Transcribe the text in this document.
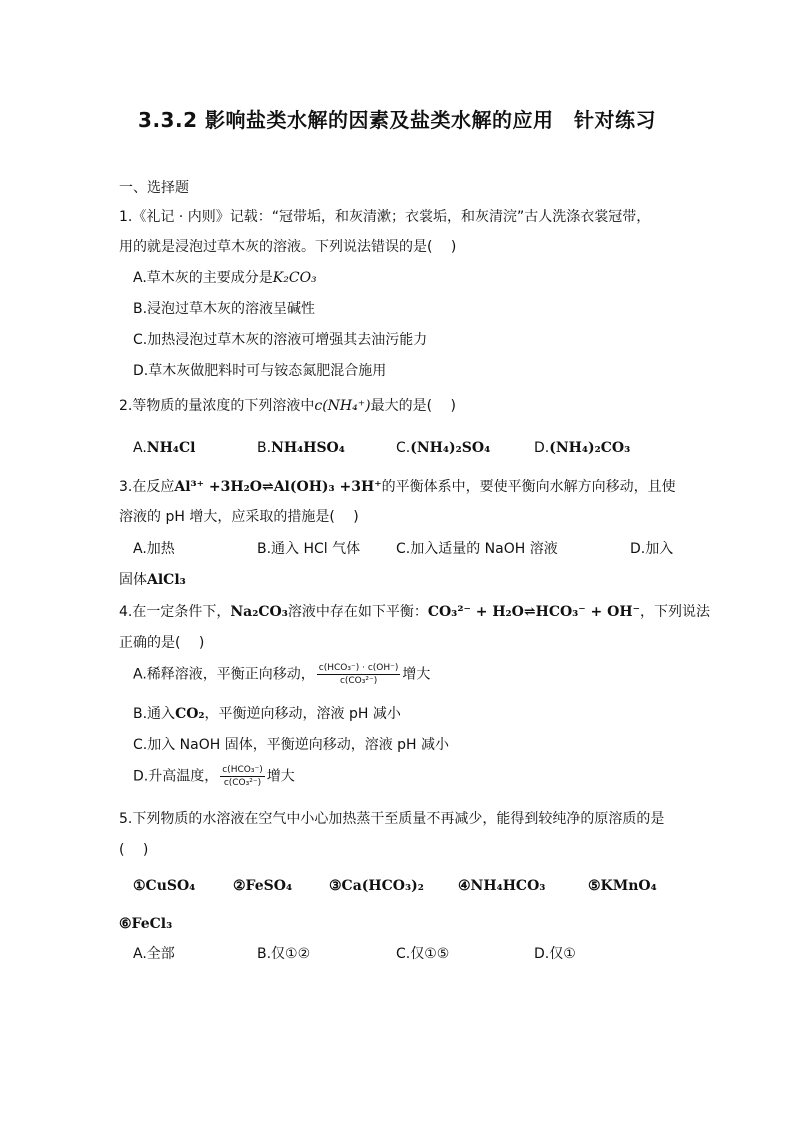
3.3.2 影响盐类水解的因素及盐类水解的应用　针对练习
一、选择题
1.《礼记 · 内则》记载：“冠带垢，和灰清漱；衣裳垢，和灰清浣”古人洗涤衣裳冠带，
用的就是浸泡过草木灰的溶液。下列说法错误的是(　 )
A.草木灰的主要成分是K₂CO₃
B.浸泡过草木灰的溶液呈碱性
C.加热浸泡过草木灰的溶液可增强其去油污能力
D.草木灰做肥料时可与铵态氮肥混合施用
2.等物质的量浓度的下列溶液中c(NH₄⁺)最大的是(　 )
A.NH₄Cl	B.NH₄HSO₄	C.(NH₄)₂SO₄	D.(NH₄)₂CO₃
3.在反应Al³⁺ +3H₂O⇌Al(OH)₃ +3H⁺的平衡体系中，要使平衡向水解方向移动，且使
溶液的 pH 增大，应采取的措施是(　 )
A.加热	B.通入 HCl 气体	C.加入适量的 NaOH 溶液	D.加入
固体AlCl₃
4.在一定条件下，Na₂CO₃溶液中存在如下平衡：CO₃²⁻ + H₂O⇌HCO₃⁻ + OH⁻，下列说法
正确的是(　 )
A.稀释溶液，平衡正向移动， $\frac{\text{c(HCO₃⁻) · c(OH⁻)}}{\text{c(CO₃²⁻)}}$ 增大
B.通入CO₂，平衡逆向移动，溶液 pH 减小
C.加入 NaOH 固体，平衡逆向移动，溶液 pH 减小
D.升高温度， $\frac{\text{c(HCO₃⁻)}}{\text{c(CO₃²⁻)}}$ 增大
5.下列物质的水溶液在空气中小心加热蒸干至质量不再减少，能得到较纯净的原溶质的是
(　 )
①CuSO₄	②FeSO₄	③Ca(HCO₃)₂ ④NH₄HCO₃	⑤KMnO₄
⑥FeCl₃
A.全部	B.仅①②	C.仅①⑤	D.仅①
